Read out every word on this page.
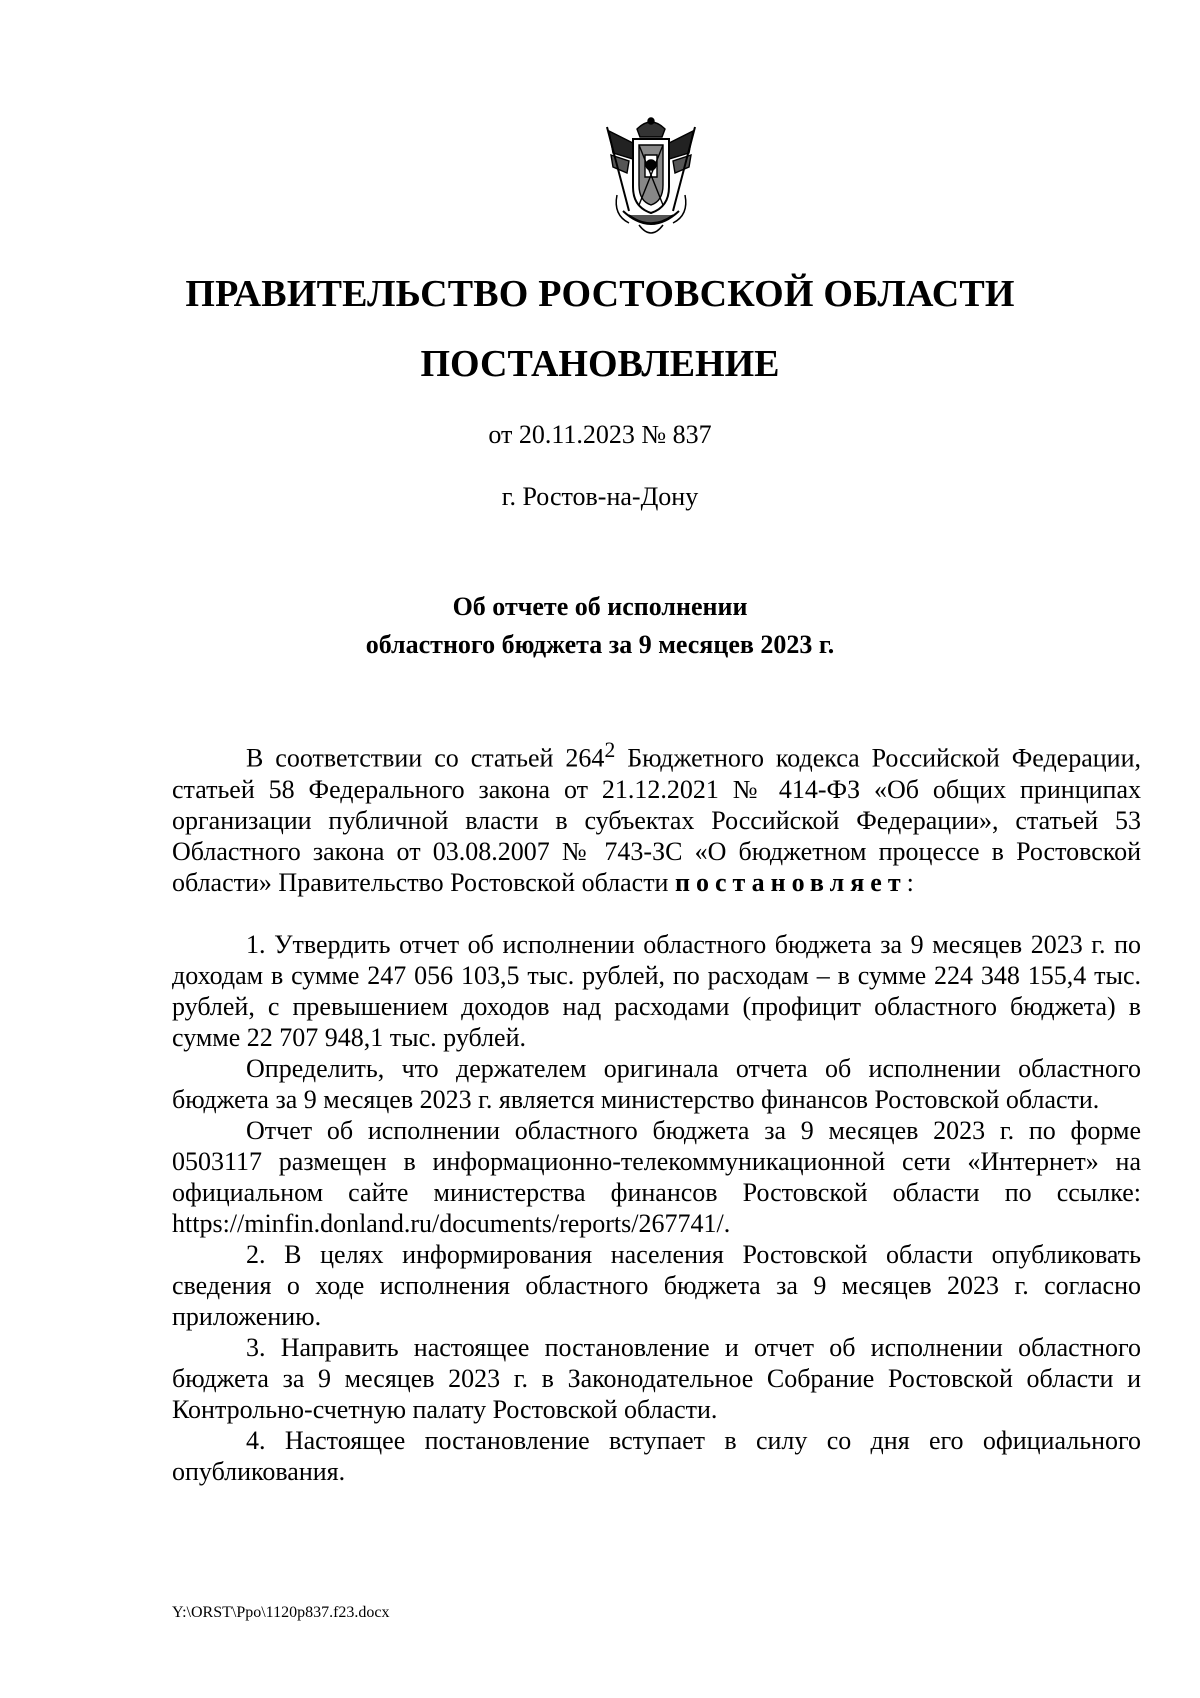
ПРАВИТЕЛЬСТВО РОСТОВСКОЙ ОБЛАСТИ
ПОСТАНОВЛЕНИЕ
от 20.11.2023 № 837
г. Ростов-на-Дону
Об отчете об исполнении
областного бюджета за 9 месяцев 2023 г.

В соответствии со статьей $264^2$ Бюджетного кодекса Российской Федерации, статьей 58 Федерального закона от 21.12.2021 № 414-ФЗ «Об общих принципах организации публичной власти в субъектах Российской Федерации», статьей 53 Областного закона от 03.08.2007 № 743-ЗС «О бюджетном процессе в Ростовской области» Правительство Ростовской области постановляет:

1. Утвердить отчет об исполнении областного бюджета за 9 месяцев 2023 г. по доходам в сумме 247 056 103,5 тыс. рублей, по расходам – в сумме 224 348 155,4 тыс. рублей, с превышением доходов над расходами (профицит областного бюджета) в сумме 22 707 948,1 тыс. рублей.

Определить, что держателем оригинала отчета об исполнении областного бюджета за 9 месяцев 2023 г. является министерство финансов Ростовской области.

Отчет об исполнении областного бюджета за 9 месяцев 2023 г. по форме 0503117 размещен в информационно-телекоммуникационной сети «Интернет» на официальном сайте министерства финансов Ростовской области по ссылке: https://minfin.donland.ru/documents/reports/267741/.

2. В целях информирования населения Ростовской области опубликовать сведения о ходе исполнения областного бюджета за 9 месяцев 2023 г. согласно приложению.

3. Направить настоящее постановление и отчет об исполнении областного бюджета за 9 месяцев 2023 г. в Законодательное Собрание Ростовской области и Контрольно-счетную палату Ростовской области.

4. Настоящее постановление вступает в силу со дня его официального опубликования.

Y:\ORST\Ppo\1120p837.f23.docx
